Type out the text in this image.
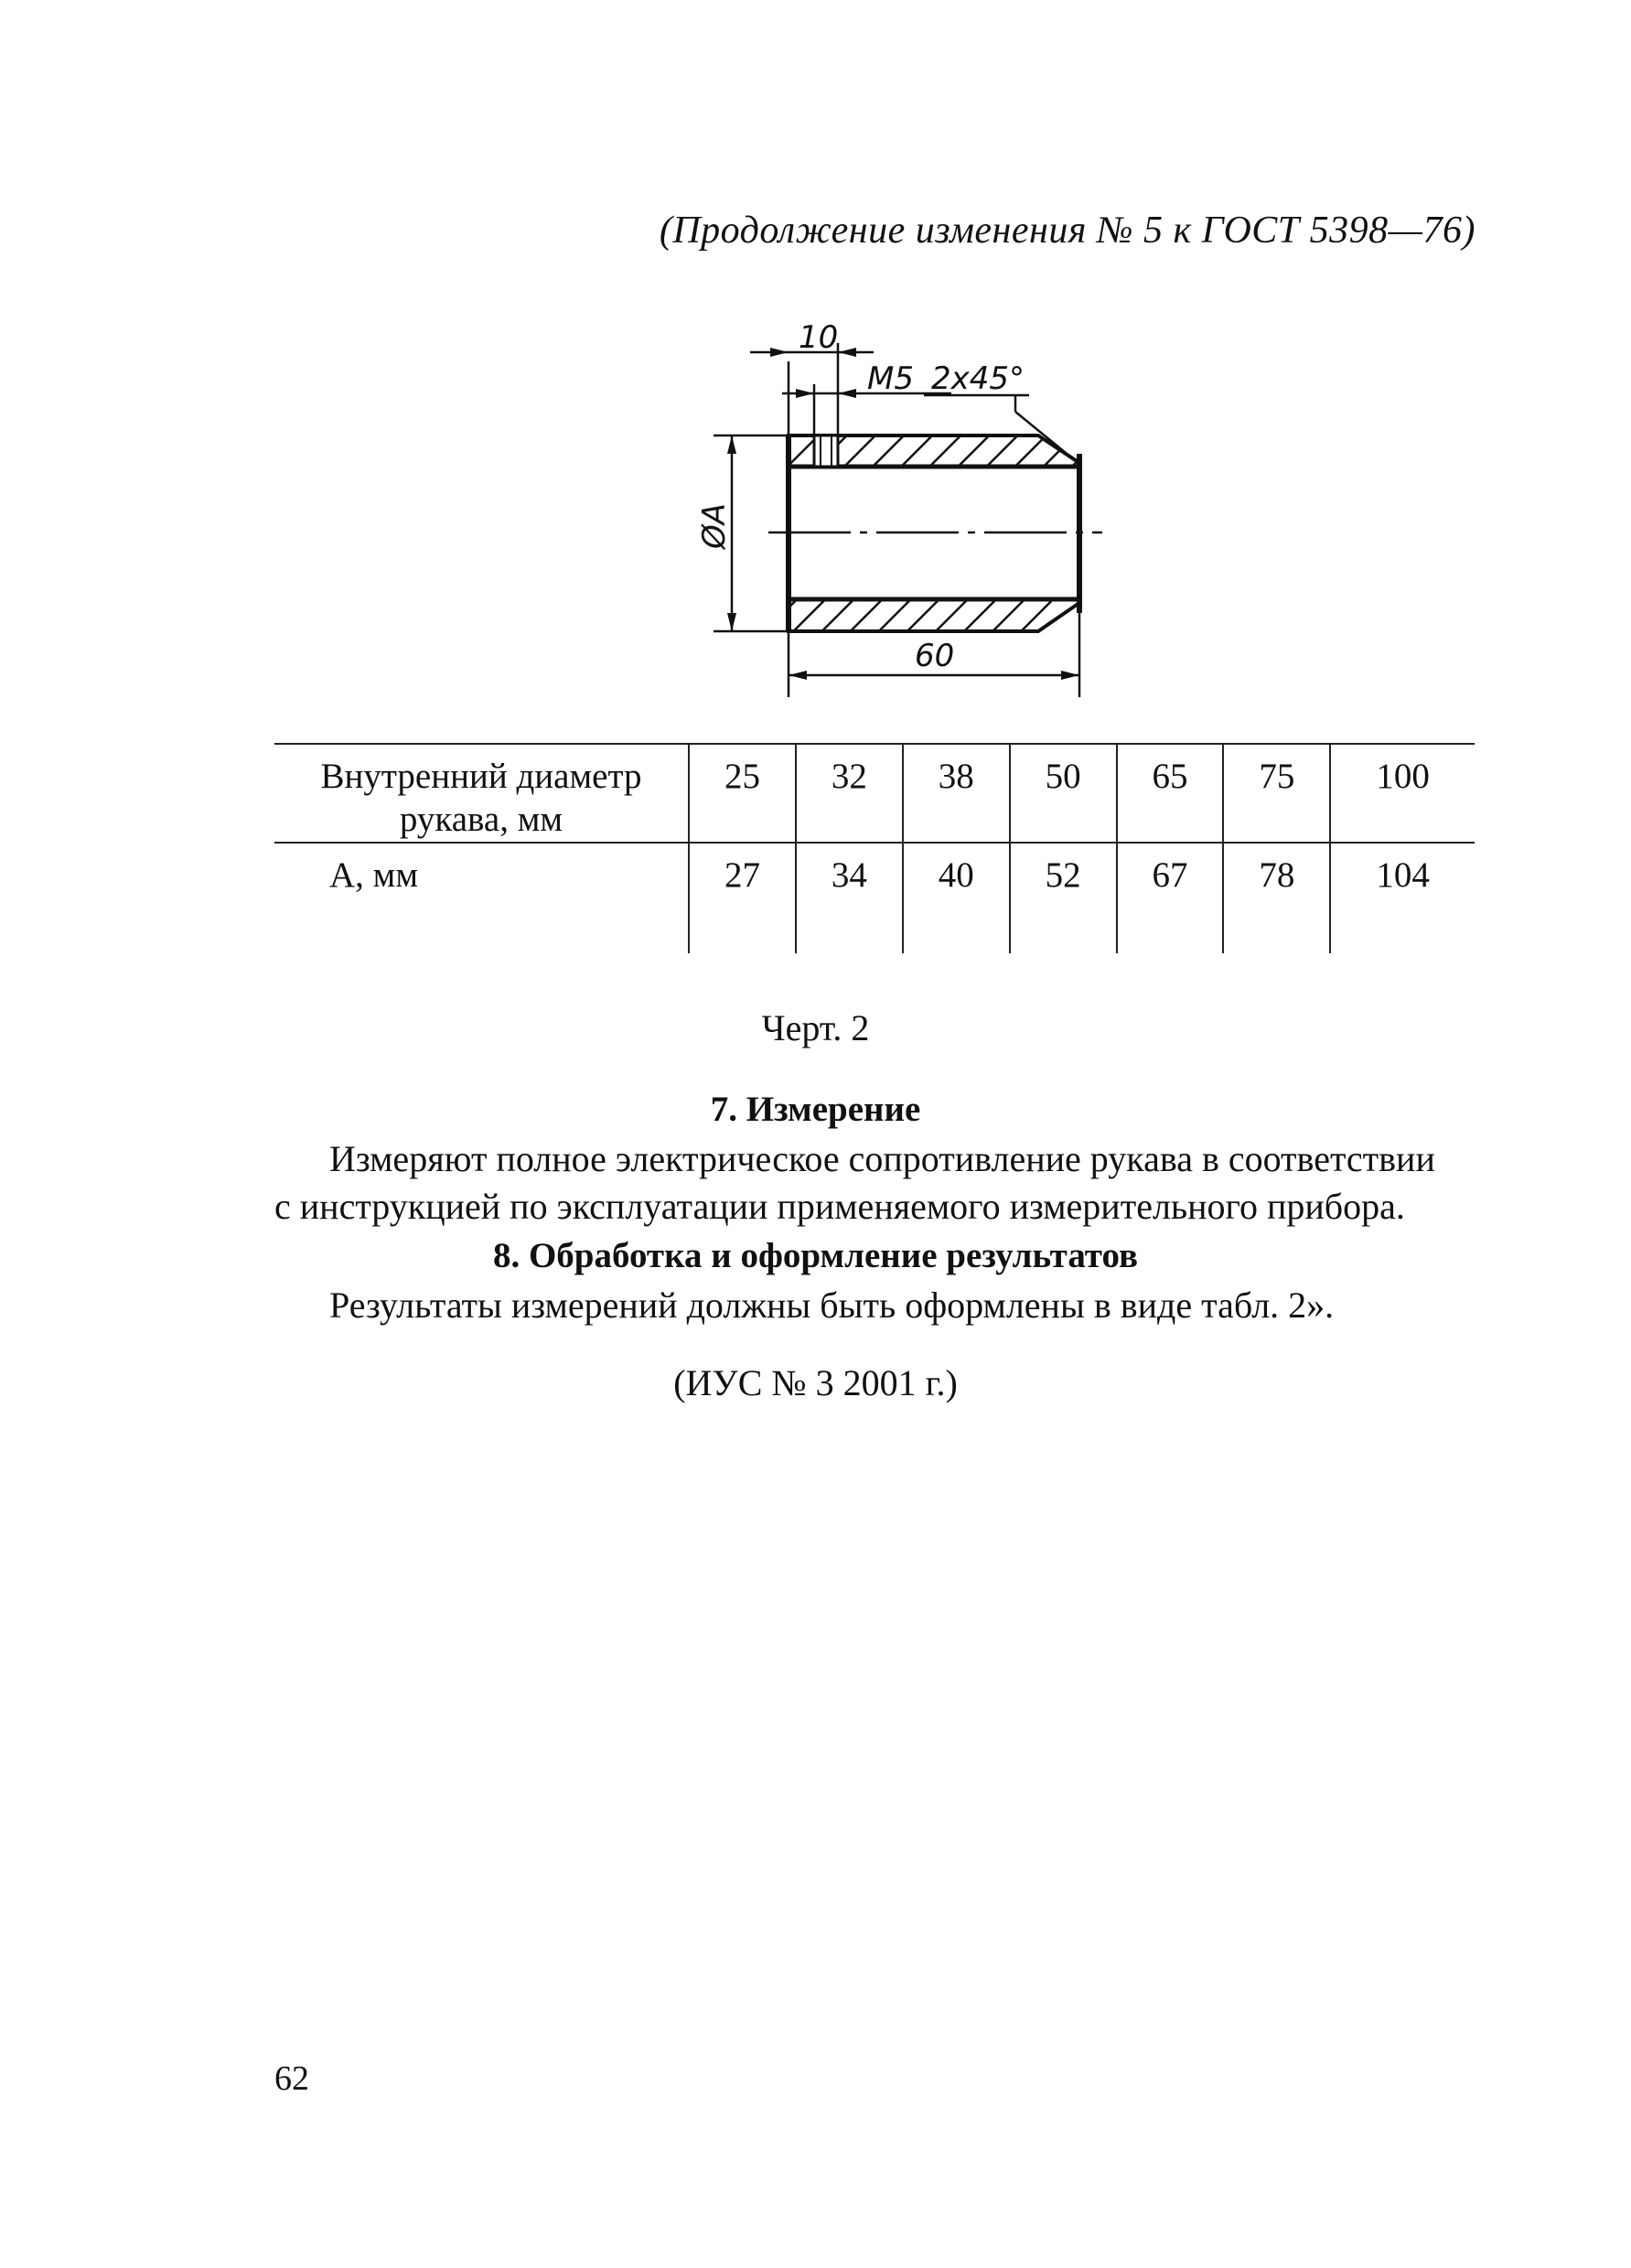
(Продолжение изменения № 5 к ГОСТ 5398—76)
10
M5 2x45°
ØA
60
Внутренний диаметр рукава, мм	25	32	38	50	65	75	100
А, мм	27	34	40	52	67	78	104
Черт. 2
7. Измерение
Измеряют полное электрическое сопротивление рукава в соответствии
с инструкцией по эксплуатации применяемого измерительного прибора.
8. Обработка и оформление результатов
Результаты измерений должны быть оформлены в виде табл. 2».
(ИУС № 3 2001 г.)
62
